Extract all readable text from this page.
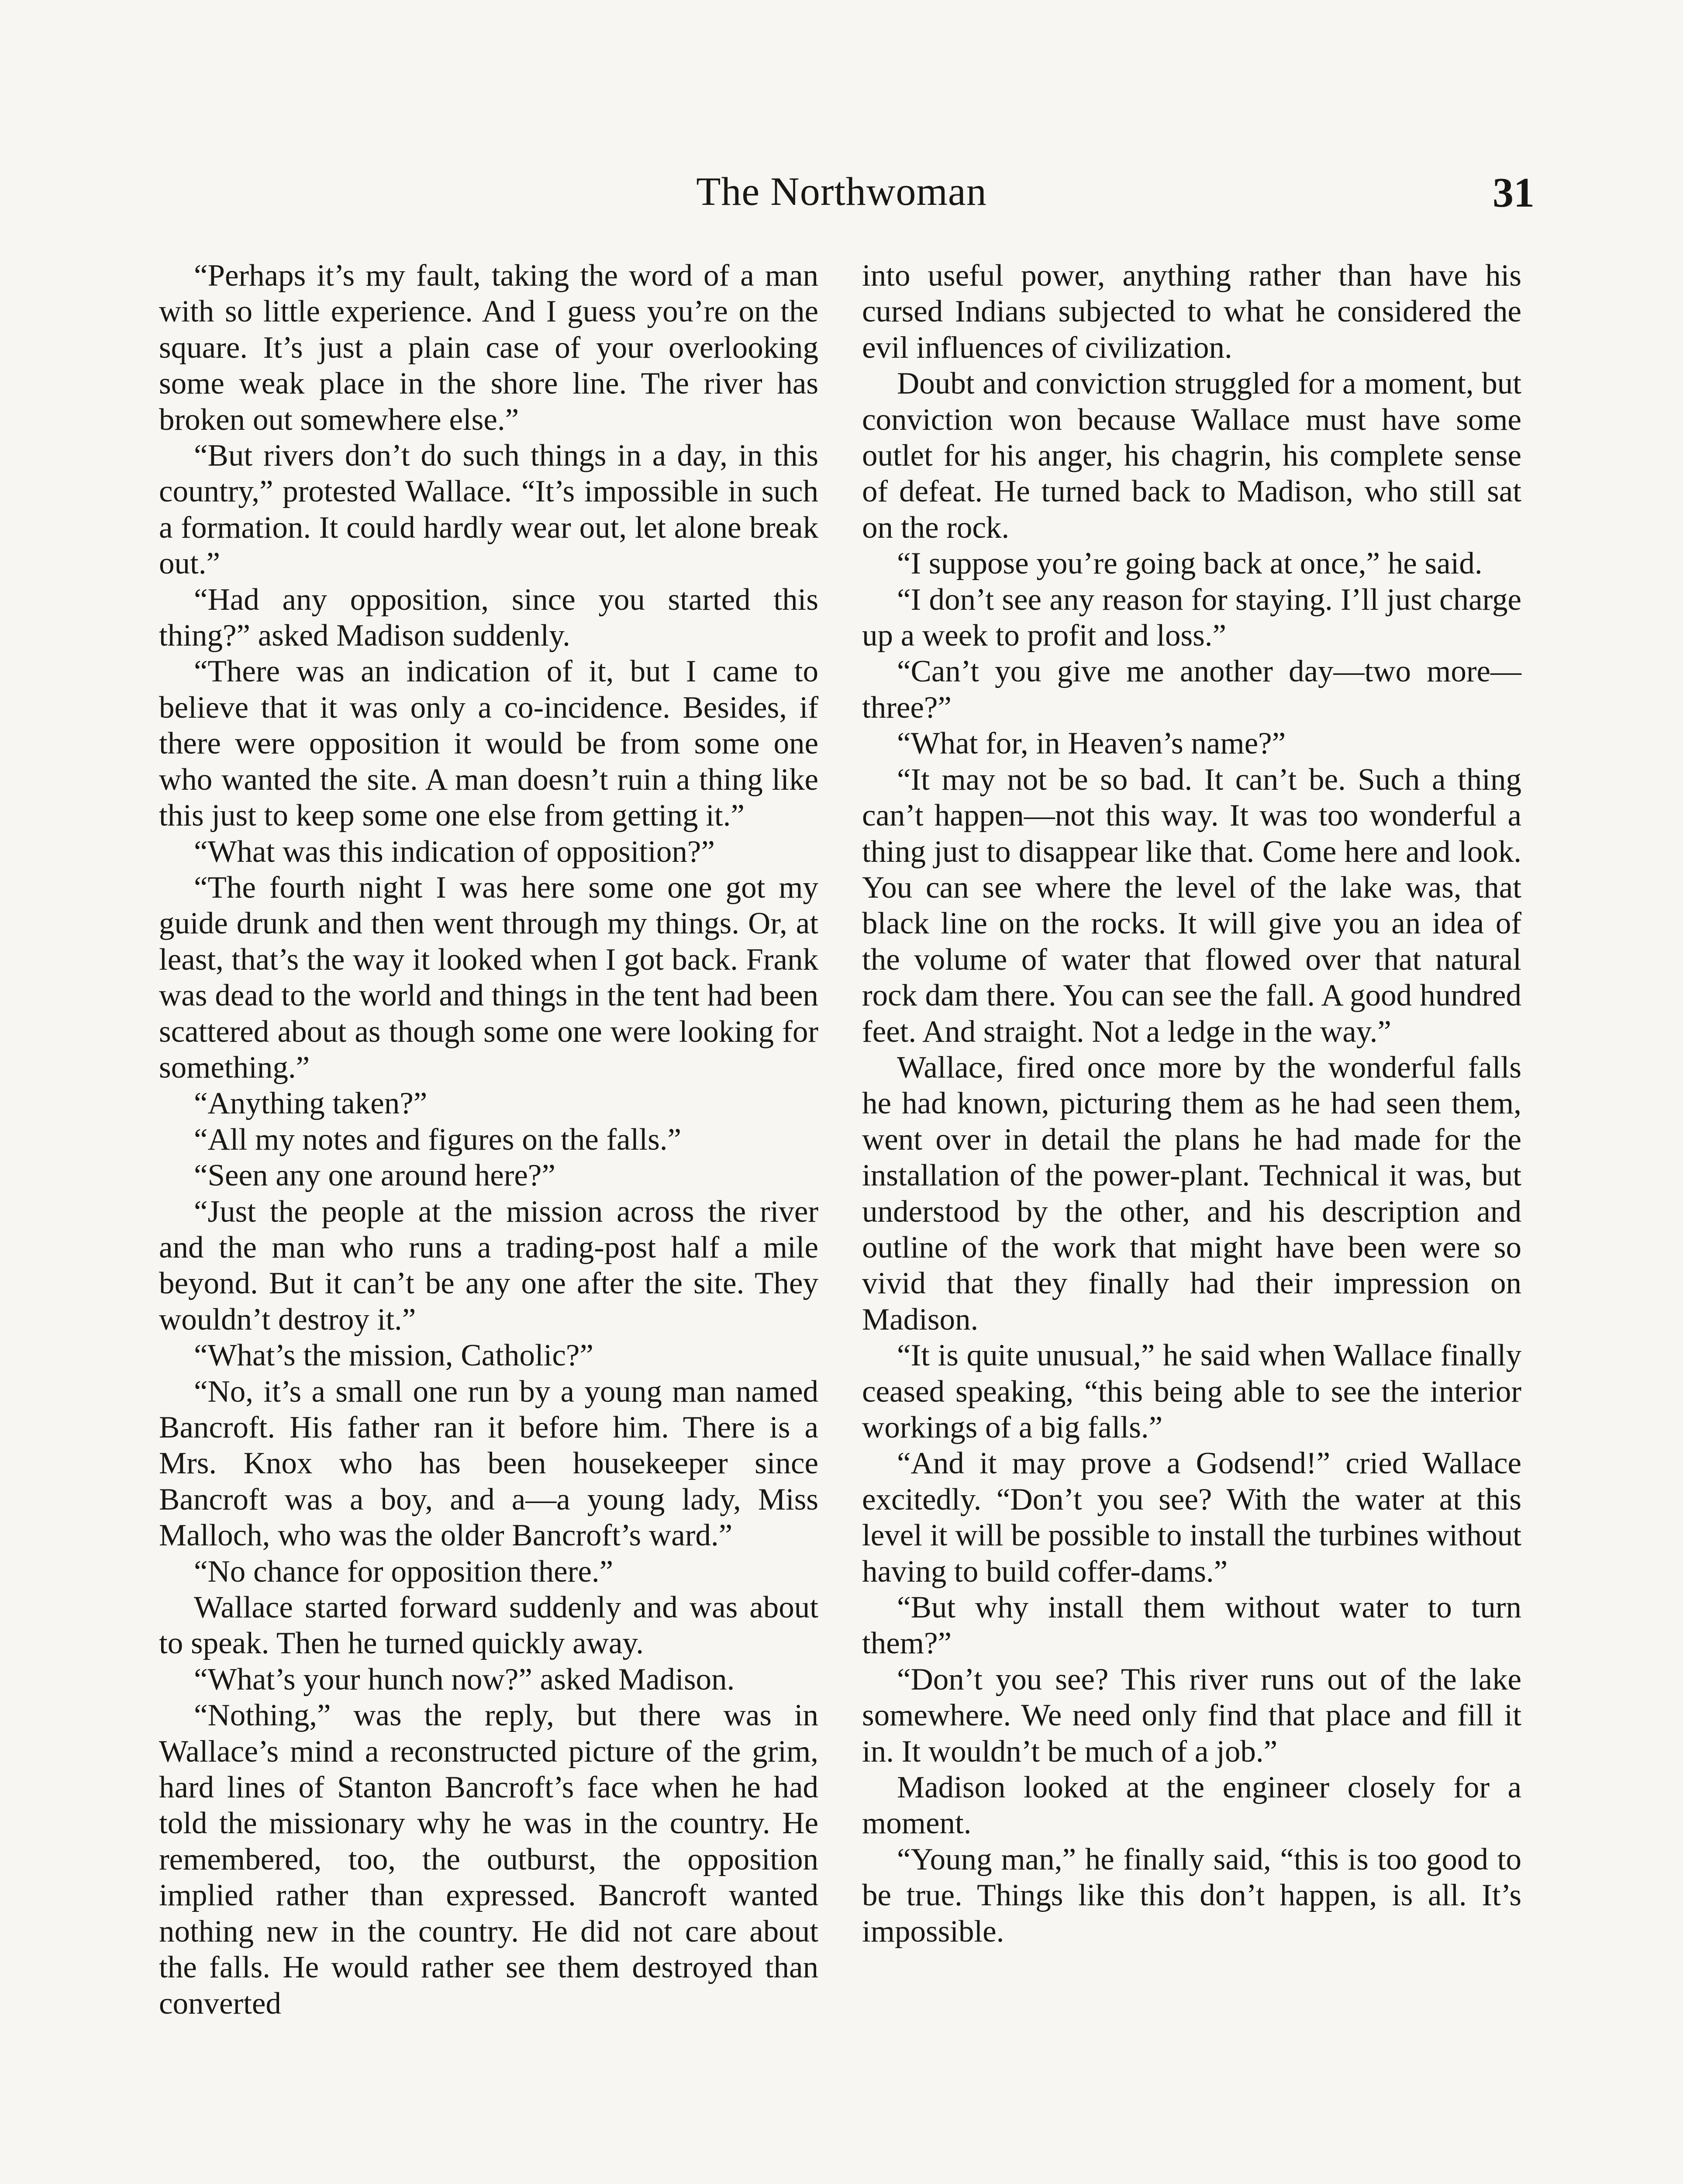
The Northwoman	31

“Perhaps it’s my fault, taking the word of a man with so little experience. And I guess you’re on the square. It’s just a plain case of your overlooking some weak place in the shore line. The river has broken out somewhere else.”

“But rivers don’t do such things in a day, in this country,” protested Wallace. “It’s impossible in such a formation. It could hardly wear out, let alone break out.”

“Had any opposition, since you started this thing?” asked Madison suddenly.

“There was an indication of it, but I came to believe that it was only a co-incidence. Besides, if there were opposition it would be from some one who wanted the site. A man doesn’t ruin a thing like this just to keep some one else from getting it.”

“What was this indication of opposition?”

“The fourth night I was here some one got my guide drunk and then went through my things. Or, at least, that’s the way it looked when I got back. Frank was dead to the world and things in the tent had been scattered about as though some one were looking for something.”

“Anything taken?”

“All my notes and figures on the falls.”

“Seen any one around here?”

“Just the people at the mission across the river and the man who runs a trading-post half a mile beyond. But it can’t be any one after the site. They wouldn’t destroy it.”

“What’s the mission, Catholic?”

“No, it’s a small one run by a young man named Bancroft. His father ran it before him. There is a Mrs. Knox who has been housekeeper since Bancroft was a boy, and a—a young lady, Miss Malloch, who was the older Bancroft’s ward.”

“No chance for opposition there.”

Wallace started forward suddenly and was about to speak. Then he turned quickly away.

“What’s your hunch now?” asked Madison.

“Nothing,” was the reply, but there was in Wallace’s mind a reconstructed picture of the grim, hard lines of Stanton Bancroft’s face when he had told the missionary why he was in the country. He remembered, too, the outburst, the opposition implied rather than expressed. Bancroft wanted nothing new in the country. He did not care about the falls. He would rather see them destroyed than converted

into useful power, anything rather than have his cursed Indians subjected to what he considered the evil influences of civilization.

Doubt and conviction struggled for a moment, but conviction won because Wallace must have some outlet for his anger, his chagrin, his complete sense of defeat. He turned back to Madison, who still sat on the rock.

“I suppose you’re going back at once,” he said.

“I don’t see any reason for staying. I’ll just charge up a week to profit and loss.”

“Can’t you give me another day—two more—three?”

“What for, in Heaven’s name?”

“It may not be so bad. It can’t be. Such a thing can’t happen—not this way. It was too wonderful a thing just to disappear like that. Come here and look. You can see where the level of the lake was, that black line on the rocks. It will give you an idea of the volume of water that flowed over that natural rock dam there. You can see the fall. A good hundred feet. And straight. Not a ledge in the way.”

Wallace, fired once more by the wonderful falls he had known, picturing them as he had seen them, went over in detail the plans he had made for the installation of the power-plant. Technical it was, but understood by the other, and his description and outline of the work that might have been were so vivid that they finally had their impression on Madison.

“It is quite unusual,” he said when Wallace finally ceased speaking, “this being able to see the interior workings of a big falls.”

“And it may prove a Godsend!” cried Wallace excitedly. “Don’t you see? With the water at this level it will be possible to install the turbines without having to build coffer-dams.”

“But why install them without water to turn them?”

“Don’t you see? This river runs out of the lake somewhere. We need only find that place and fill it in. It wouldn’t be much of a job.”

Madison looked at the engineer closely for a moment.

“Young man,” he finally said, “this is too good to be true. Things like this don’t happen, is all. It’s impossible.
